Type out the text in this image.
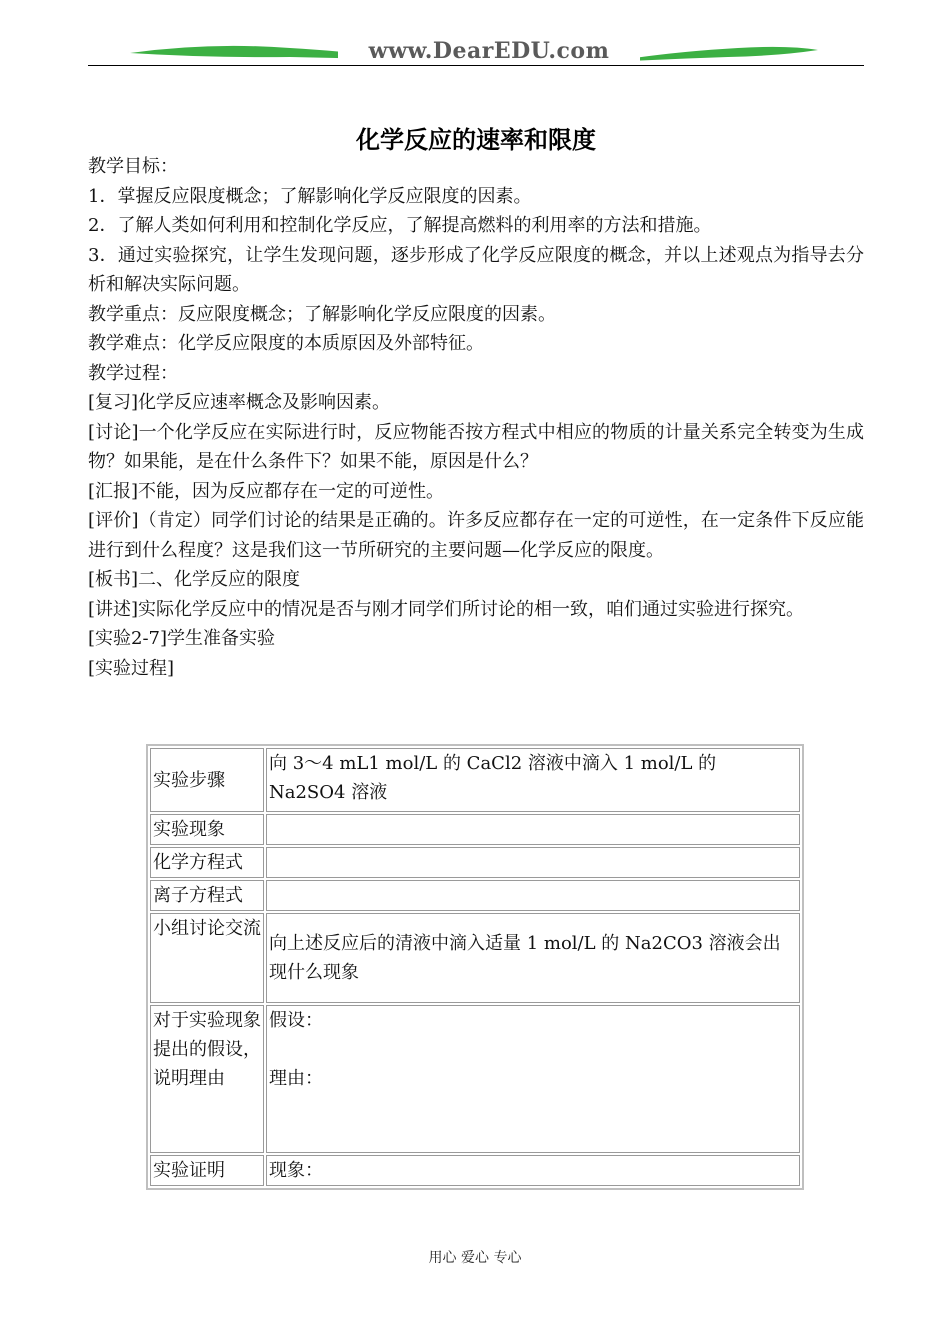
www.DearEDU.com
化学反应的速率和限度

教学目标：

1．掌握反应限度概念；了解影响化学反应限度的因素。

2．了解人类如何利用和控制化学反应，了解提高燃料的利用率的方法和措施。

3．通过实验探究，让学生发现问题，逐步形成了化学反应限度的概念，并以上述观点为指导去分析和解决实际问题。

教学重点：反应限度概念；了解影响化学反应限度的因素。

教学难点：化学反应限度的本质原因及外部特征。

教学过程：

[复习]化学反应速率概念及影响因素。

[讨论]一个化学反应在实际进行时，反应物能否按方程式中相应的物质的计量关系完全转变为生成物？如果能，是在什么条件下？如果不能，原因是什么？

[汇报]不能，因为反应都存在一定的可逆性。

[评价]（肯定）同学们讨论的结果是正确的。许多反应都存在一定的可逆性，在一定条件下反应能进行到什么程度？这是我们这一节所研究的主要问题—化学反应的限度。

[板书]二、化学反应的限度

[讲述]实际化学反应中的情况是否与刚才同学们所讨论的相一致，咱们通过实验进行探究。

[实验2-7]学生准备实验

[实验过程]

实验步骤	向 3～4 mL1 mol/L 的 CaCl2 溶液中滴入 1 mol/L 的 Na2SO4 溶液
实验现象	
化学方程式	
离子方程式	
小组讨论交流	向上述反应后的清液中滴入适量 1 mol/L 的 Na2CO3 溶液会出现什么现象
对于实验现象提出的假设，说明理由	假设：
理由：

实验证明	现象：
用心 爱心 专心
